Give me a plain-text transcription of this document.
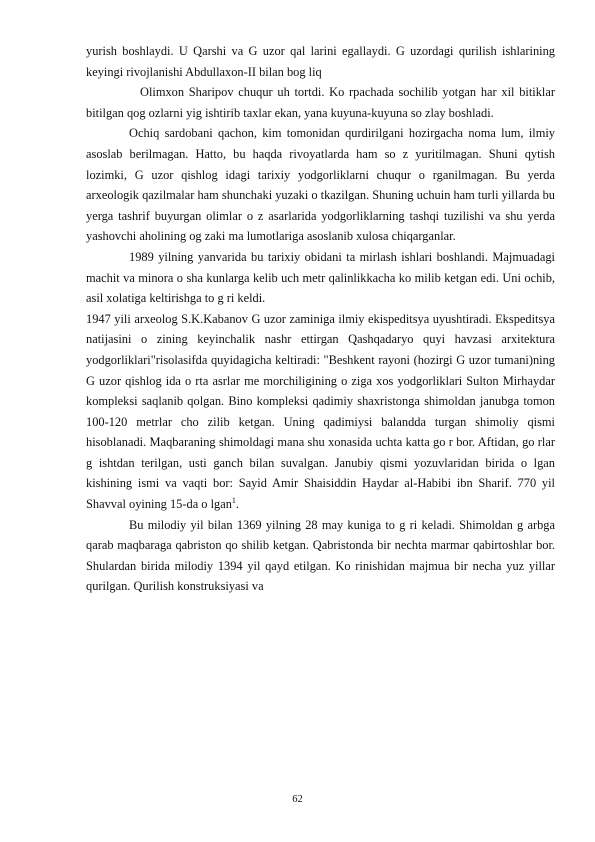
yurish boshlaydi. U Qarshi va G uzor qal larini egallaydi. G uzordagi qurilish ishlarining keyingi rivojlanishi Abdullaxon-II bilan bog liq

Olimxon Sharipov chuqur uh tortdi. Ko rpachada sochilib yotgan har xil bitiklar bitilgan qog ozlarni yig ishtirib taxlar ekan, yana kuyuna-kuyuna so zlay boshladi.

Ochiq sardobani qachon, kim tomonidan qurdirilgani hozirgacha noma lum, ilmiy asoslab berilmagan. Hatto, bu haqda rivoyatlarda ham so z yuritilmagan. Shuni qytish lozimki, G uzor qishlog idagi tarixiy yodgorliklarni chuqur o rganilmagan. Bu yerda arxeologik qazilmalar ham shunchaki yuzaki o tkazilgan. Shuning uchuin ham turli yillarda bu yerga tashrif buyurgan olimlar o z asarlarida yodgorliklarning tashqi tuzilishi va shu yerda yashovchi aholining og zaki ma lumotlariga asoslanib xulosa chiqarganlar.

1989 yilning yanvarida bu tarixiy obidani ta mirlash ishlari boshlandi. Majmuadagi machit va minora o sha kunlarga kelib uch metr qalinlikkacha ko milib ketgan edi. Uni ochib, asil xolatiga keltirishga to g ri keldi.

1947 yili arxeolog S.K.Kabanov G uzor zaminiga ilmiy ekispeditsya uyushtiradi. Ekspeditsya natijasini o zining keyinchalik nashr ettirgan Qashqadaryo quyi havzasi arxitektura yodgorliklari"risolasifda quyidagicha keltiradi: "Beshkent rayoni (hozirgi G uzor tumani)ning G uzor qishlog ida o rta asrlar me morchiligining o ziga xos yodgorliklari Sulton Mirhaydar kompleksi saqlanib qolgan. Bino kompleksi qadimiy shaxristonga shimoldan janubga tomon 100-120 metrlar cho zilib ketgan. Uning qadimiysi balandda turgan shimoliy qismi hisoblanadi. Maqbaraning shimoldagi mana shu xonasida uchta katta go r bor. Aftidan, go rlar g ishtdan terilgan, usti ganch bilan suvalgan. Janubiy qismi yozuvlaridan birida o lgan kishining ismi va vaqti bor: Sayid Amir Shaisiddin Haydar al-Habibi ibn Sharif. 770 yil Shavval oyining 15-da o lgan$^1$.

Bu milodiy yil bilan 1369 yilning 28 may kuniga to g ri keladi. Shimoldan g arbga qarab maqbaraga qabriston qo shilib ketgan. Qabristonda bir nechta marmar qabirtoshlar bor. Shulardan birida milodiy 1394 yil qayd etilgan. Ko rinishidan majmua bir necha yuz yillar qurilgan. Qurilish konstruksiyasi va

62
